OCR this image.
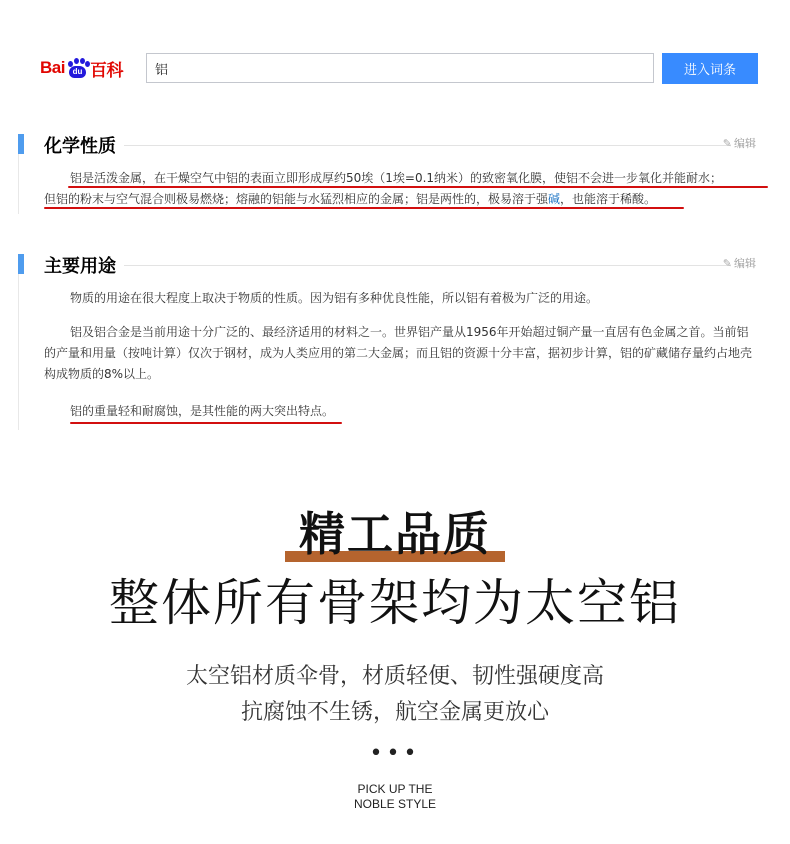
Bai du 百科
铝	进入词条
化学性质	✎ 编辑

铝是活泼金属，在干燥空气中铝的表面立即形成厚约50埃（1埃=0.1纳米）的致密氧化膜，使铝不会进一步氧化并能耐水；
但铝的粉末与空气混合则极易燃烧；熔融的铝能与水猛烈相应的金属；铝是两性的，极易溶于强碱，也能溶于稀酸。

主要用途	✎ 编辑

物质的用途在很大程度上取决于物质的性质。因为铝有多种优良性能，所以铝有着极为广泛的用途。

铝及铝合金是当前用途十分广泛的、最经济适用的材料之一。世界铝产量从1956年开始超过铜产量一直居有色金属之首。当前铝的产量和用量（按吨计算）仅次于钢材，成为人类应用的第二大金属；而且铝的资源十分丰富，据初步计算，铝的矿藏储存量约占地壳构成物质的8%以上。

铝的重量轻和耐腐蚀，是其性能的两大突出特点。

精工品质
整体所有骨架均为太空铝
太空铝材质伞骨，材质轻便、韧性强硬度高
抗腐蚀不生锈，航空金属更放心
•••
PICK UP THE
NOBLE STYLE
